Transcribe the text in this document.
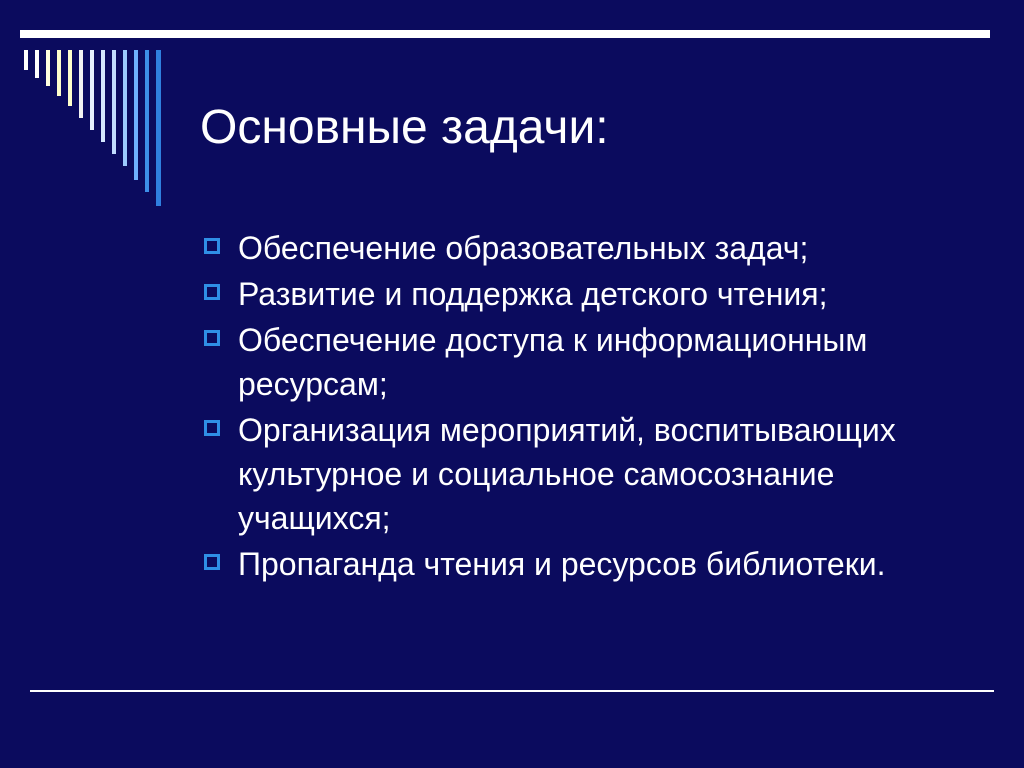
Основные задачи:
Обеспечение образовательных задач;
Развитие и поддержка детского чтения;
Обеспечение доступа к информационным ресурсам;
Организация мероприятий, воспитывающих культурное и социальное самосознание учащихся;
Пропаганда чтения и ресурсов библиотеки.
